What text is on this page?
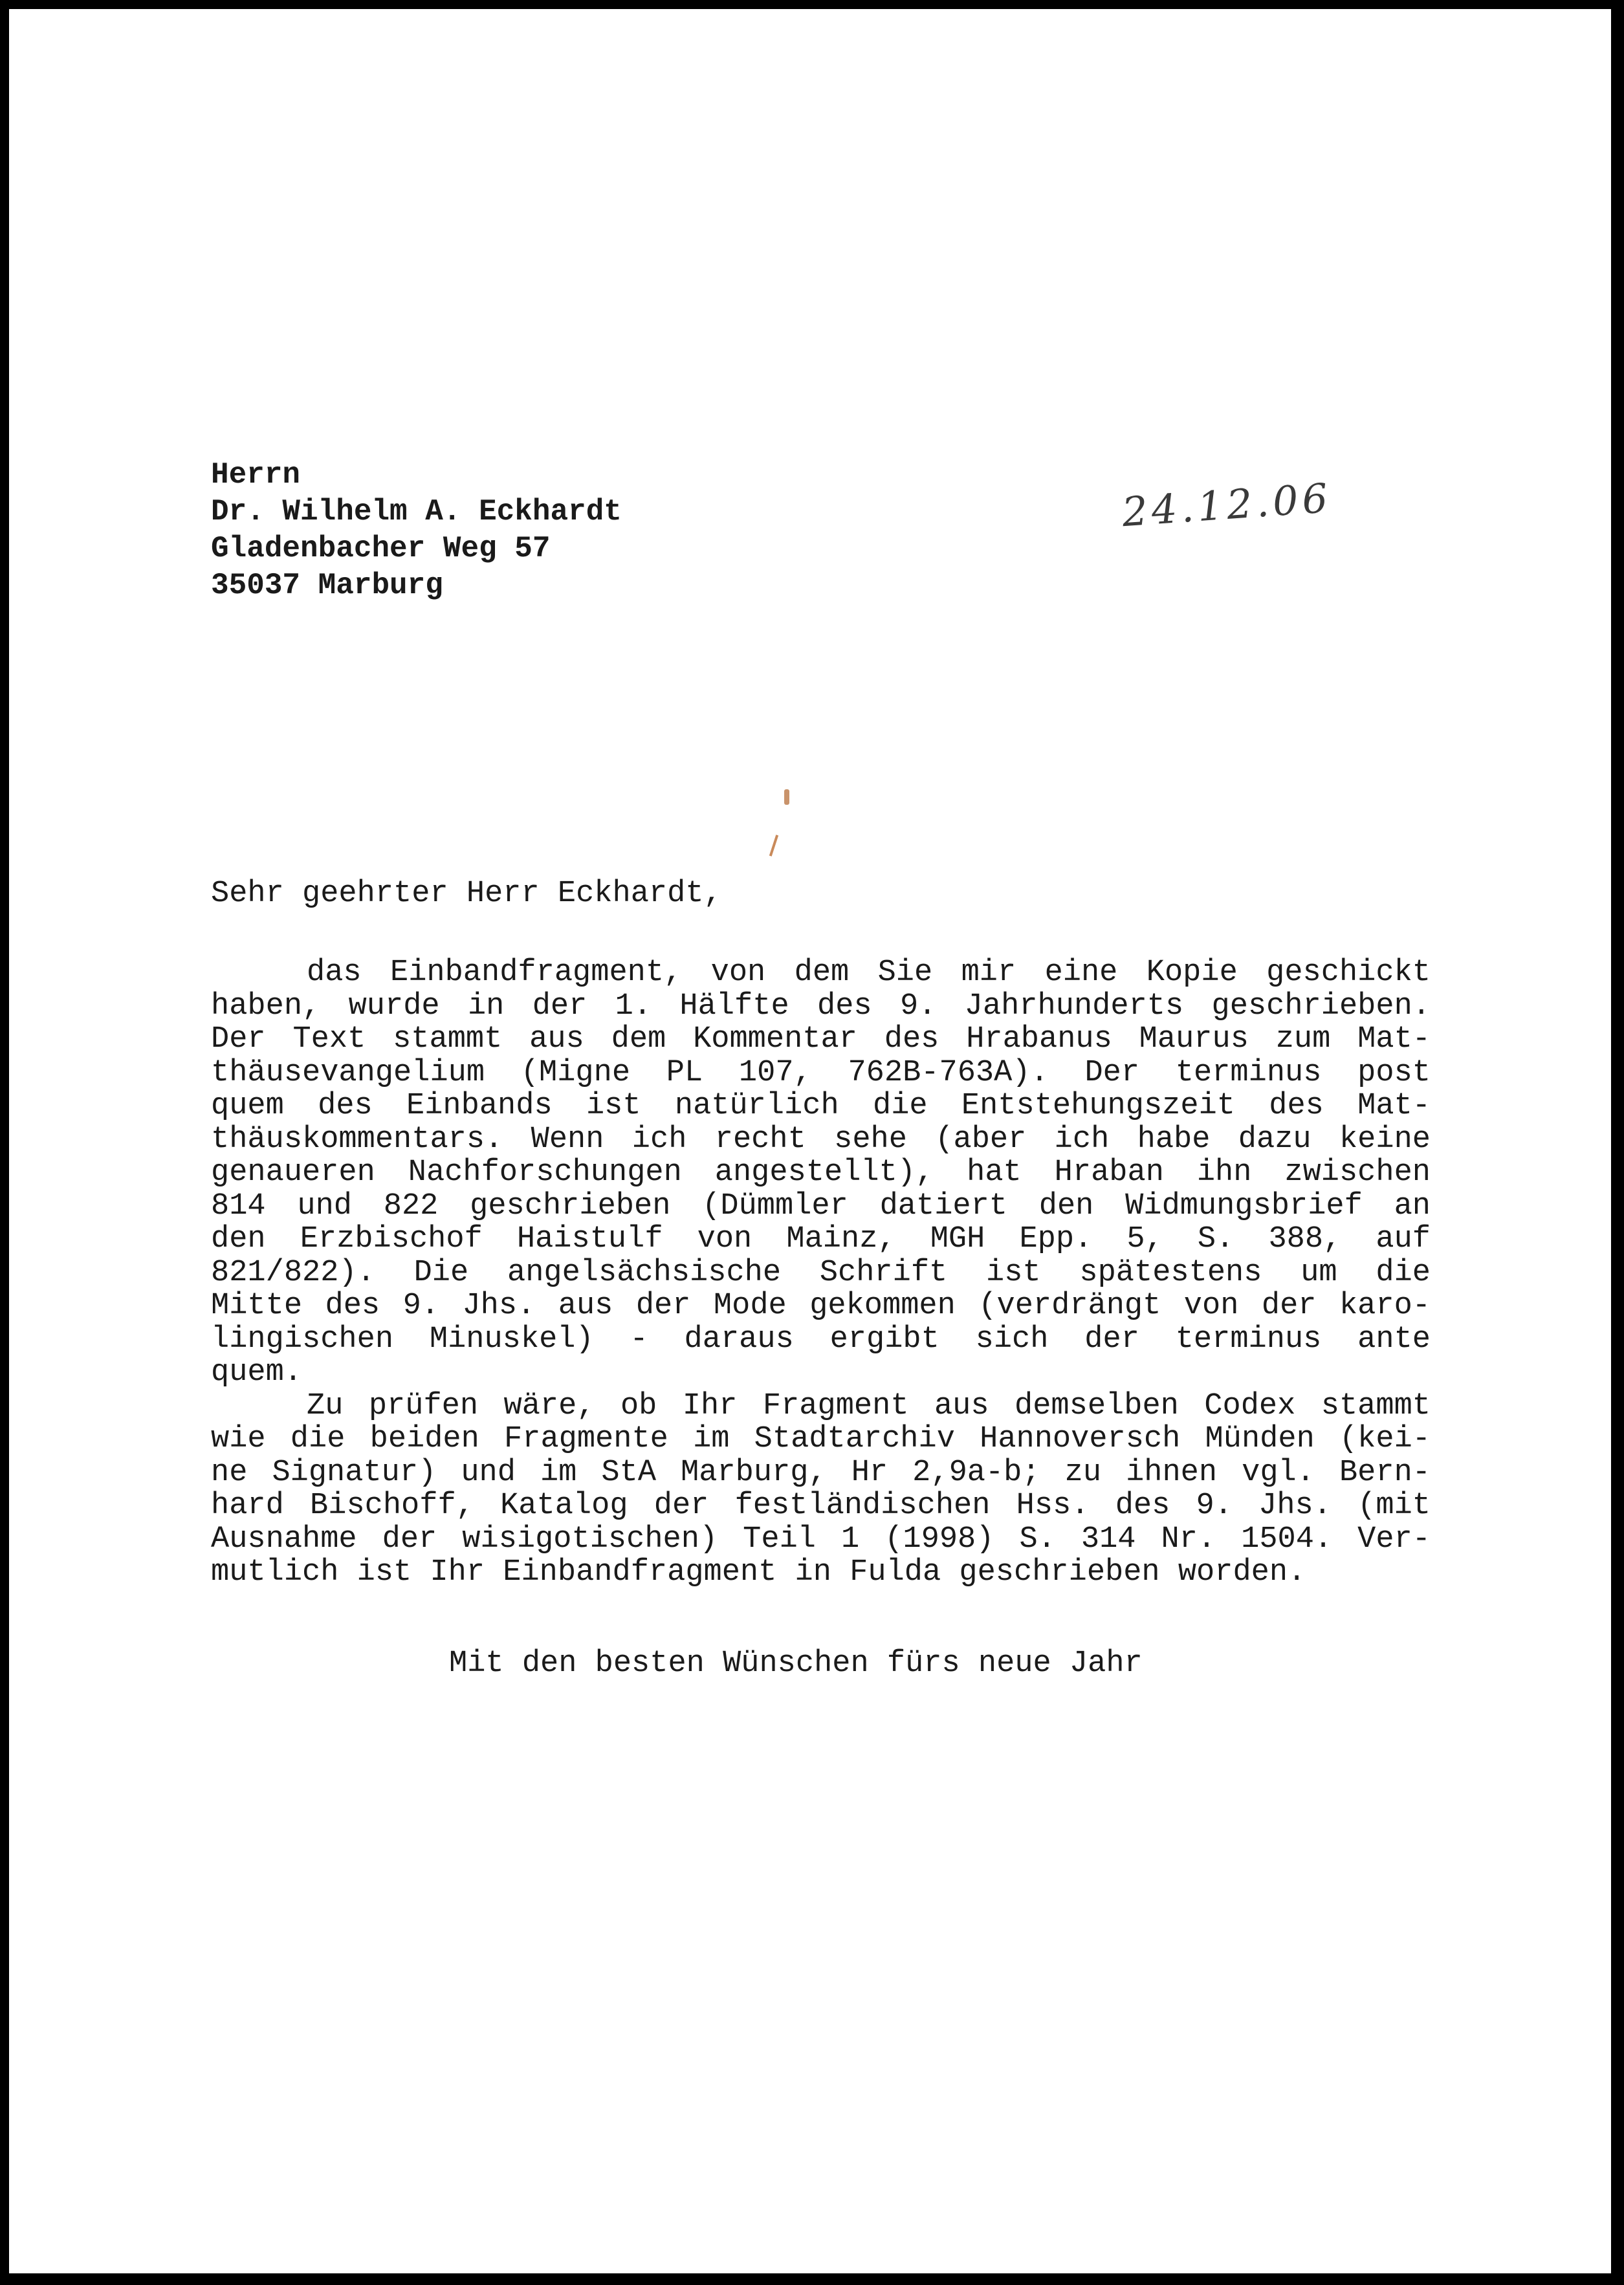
Herrn
Dr. Wilhelm A. Eckhardt
Gladenbacher Weg 57
35037 Marburg
24.12.06
Sehr geehrter Herr Eckhardt,
das Einbandfragment, von dem Sie mir eine Kopie geschickt
haben, wurde in der 1. Hälfte des 9. Jahrhunderts geschrieben.
Der Text stammt aus dem Kommentar des Hrabanus Maurus zum Mat-
thäusevangelium (Migne PL 107, 762B-763A). Der terminus post
quem des Einbands ist natürlich die Entstehungszeit des Mat-
thäuskommentars. Wenn ich recht sehe (aber ich habe dazu keine
genaueren Nachforschungen angestellt), hat Hraban ihn zwischen
814 und 822 geschrieben (Dümmler datiert den Widmungsbrief an
den Erzbischof Haistulf von Mainz, MGH Epp. 5, S. 388, auf
821/822). Die angelsächsische Schrift ist spätestens um die
Mitte des 9. Jhs. aus der Mode gekommen (verdrängt von der karo-
lingischen Minuskel) - daraus ergibt sich der terminus ante
quem.
Zu prüfen wäre, ob Ihr Fragment aus demselben Codex stammt
wie die beiden Fragmente im Stadtarchiv Hannoversch Münden (kei-
ne Signatur) und im StA Marburg, Hr 2,9a-b; zu ihnen vgl. Bern-
hard Bischoff, Katalog der festländischen Hss. des 9. Jhs. (mit
Ausnahme der wisigotischen) Teil 1 (1998) S. 314 Nr. 1504. Ver-
mutlich ist Ihr Einbandfragment in Fulda geschrieben worden.
Mit den besten Wünschen fürs neue Jahr
